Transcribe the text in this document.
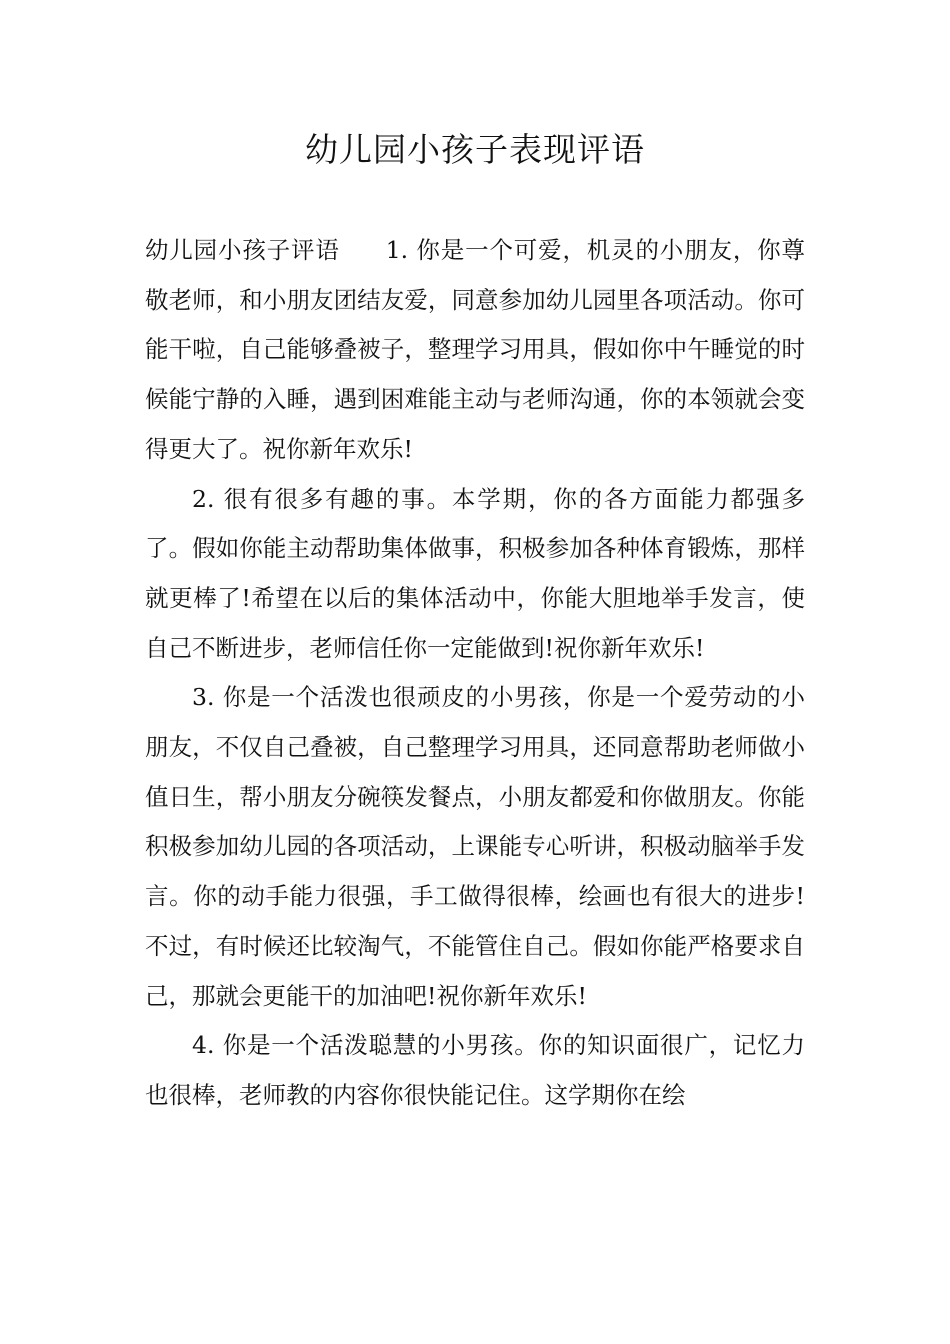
幼儿园小孩子表现评语

幼儿园小孩子评语 1. 你是一个可爱，机灵的小朋友，你尊敬老师，和小朋友团结友爱，同意参加幼儿园里各项活动。你可能干啦，自己能够叠被子，整理学习用具，假如你中午睡觉的时候能宁静的入睡，遇到困难能主动与老师沟通，你的本领就会变得更大了。祝你新年欢乐!

2. 很有很多有趣的事。本学期，你的各方面能力都强多了。假如你能主动帮助集体做事，积极参加各种体育锻炼，那样就更棒了!希望在以后的集体活动中，你能大胆地举手发言，使自己不断进步，老师信任你一定能做到!祝你新年欢乐!

3. 你是一个活泼也很顽皮的小男孩，你是一个爱劳动的小朋友，不仅自己叠被，自己整理学习用具，还同意帮助老师做小值日生，帮小朋友分碗筷发餐点，小朋友都爱和你做朋友。你能积极参加幼儿园的各项活动，上课能专心听讲，积极动脑举手发言。你的动手能力很强，手工做得很棒，绘画也有很大的进步!不过，有时候还比较淘气，不能管住自己。假如你能严格要求自己，那就会更能干的加油吧!祝你新年欢乐!

4. 你是一个活泼聪慧的小男孩。你的知识面很广，记忆力也很棒，老师教的内容你很快能记住。这学期你在绘
